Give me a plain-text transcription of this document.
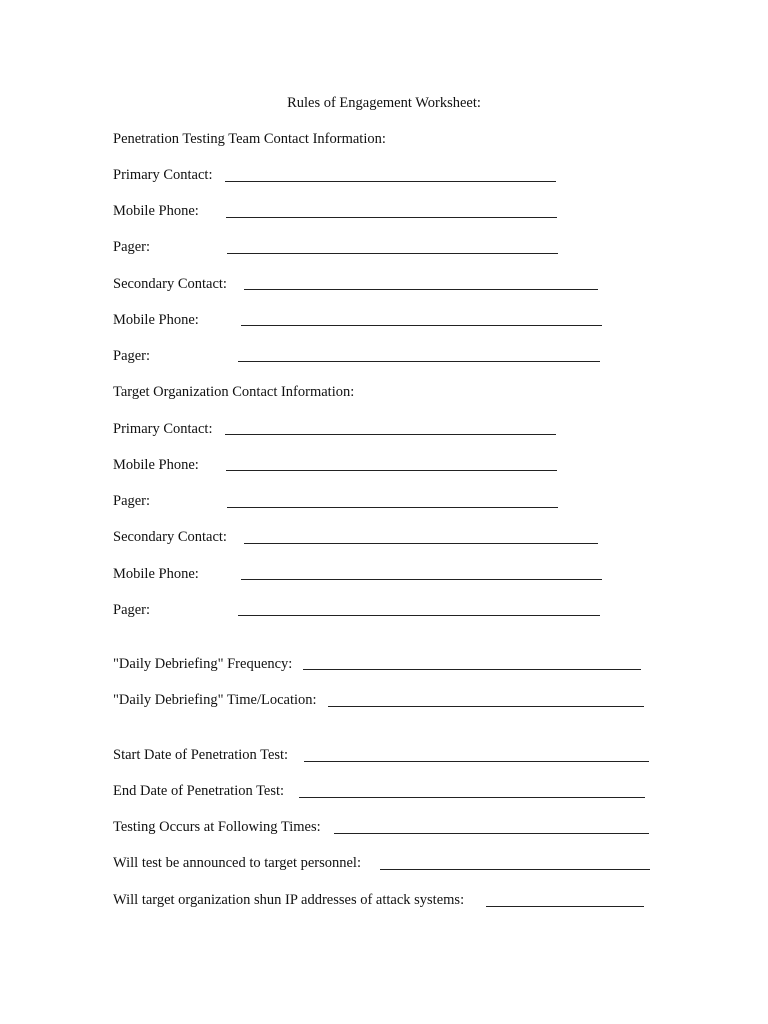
Rules of Engagement Worksheet:
Penetration Testing Team Contact Information:
Primary Contact:
Mobile Phone:
Pager:
Secondary Contact:
Mobile Phone:
Pager:
Target Organization Contact Information:
Primary Contact:
Mobile Phone:
Pager:
Secondary Contact:
Mobile Phone:
Pager:
"Daily Debriefing" Frequency:
"Daily Debriefing" Time/Location:
Start Date of Penetration Test:
End Date of Penetration Test:
Testing Occurs at Following Times:
Will test be announced to target personnel:
Will target organization shun IP addresses of attack systems:
